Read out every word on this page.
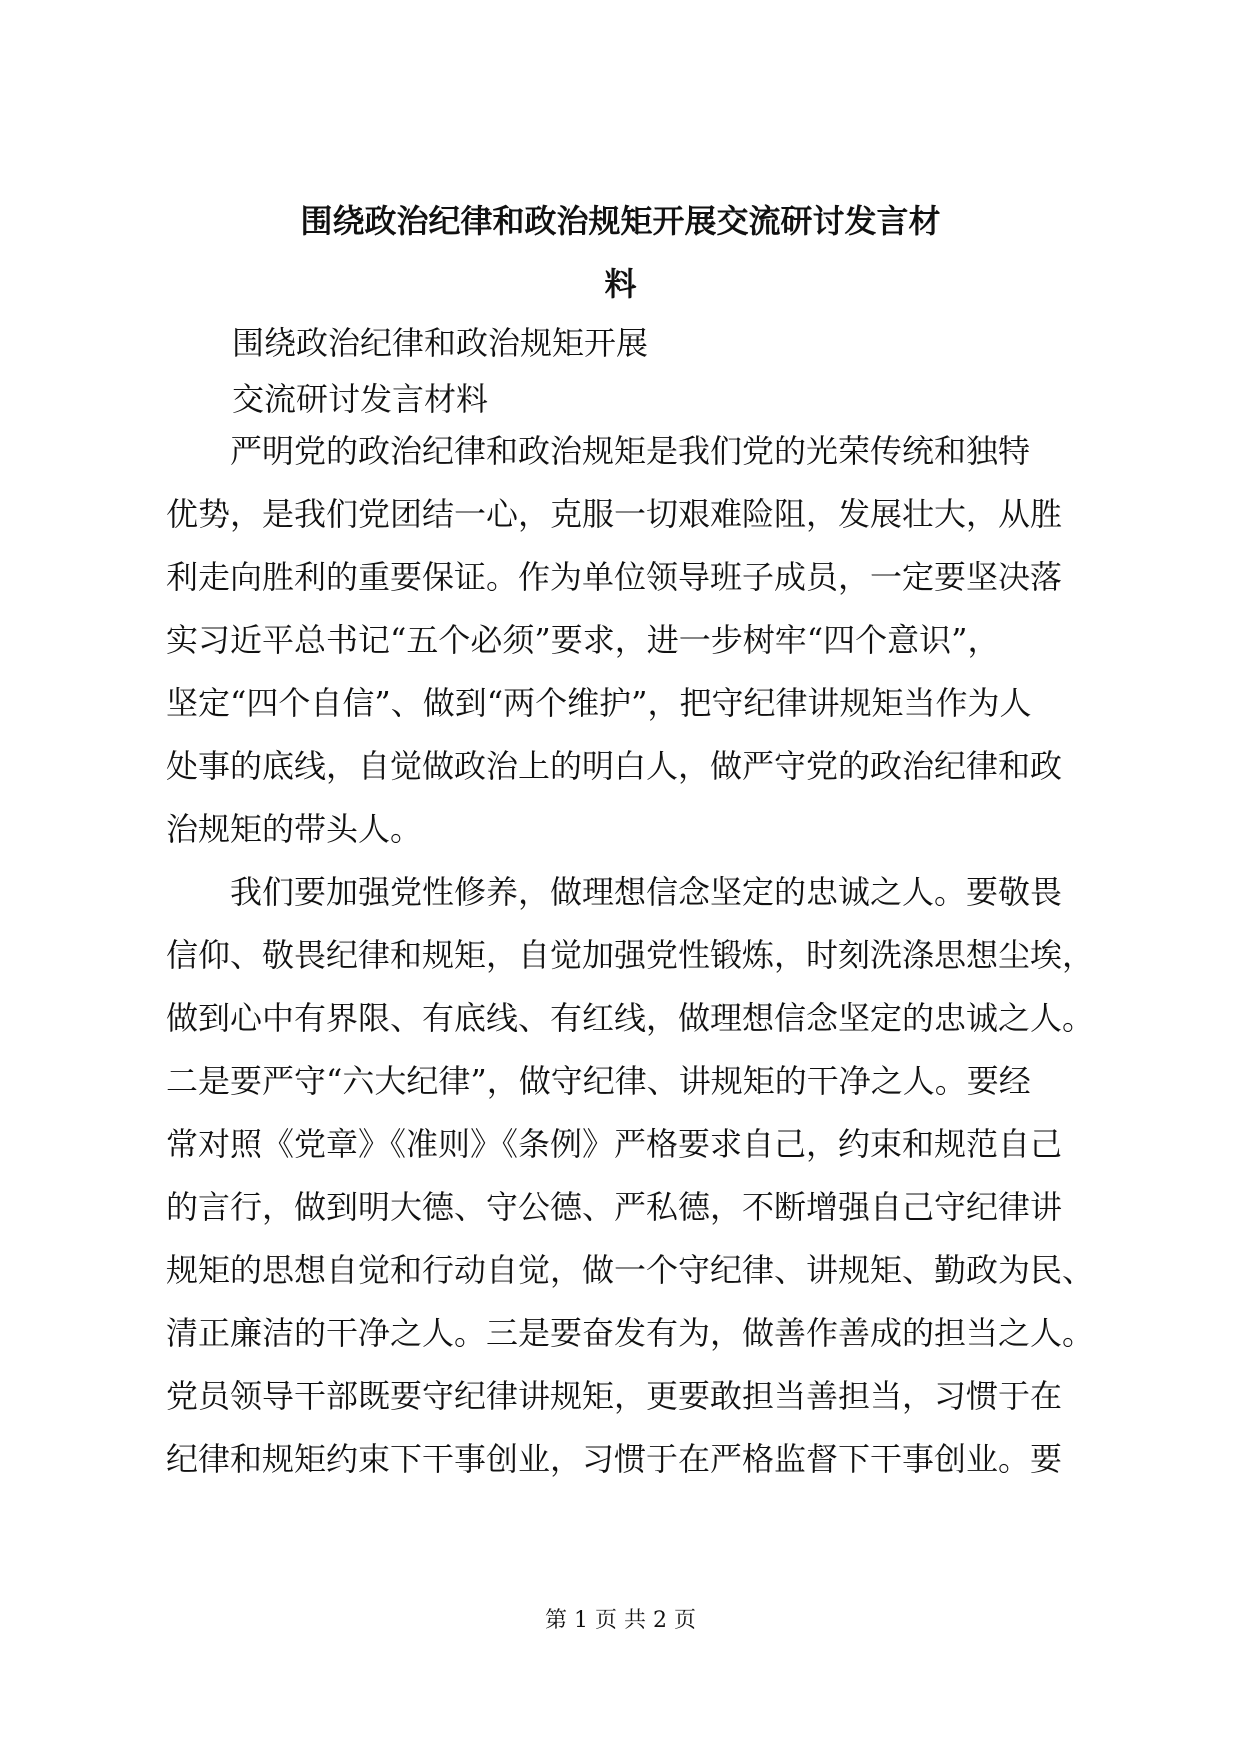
围绕政治纪律和政治规矩开展交流研讨发言材
料
围绕政治纪律和政治规矩开展
交流研讨发言材料
　　严明党的政治纪律和政治规矩是我们党的光荣传统和独特
优势，是我们党团结一心，克服一切艰难险阻，发展壮大，从胜
利走向胜利的重要保证。作为单位领导班子成员，一定要坚决落
实习近平总书记“五个必须”要求，进一步树牢“四个意识”，
坚定“四个自信”、做到“两个维护”，把守纪律讲规矩当作为人
处事的底线，自觉做政治上的明白人，做严守党的政治纪律和政
治规矩的带头人。
　　我们要加强党性修养，做理想信念坚定的忠诚之人。要敬畏
信仰、敬畏纪律和规矩，自觉加强党性锻炼，时刻洗涤思想尘埃，
做到心中有界限、有底线、有红线，做理想信念坚定的忠诚之人。
二是要严守“六大纪律”，做守纪律、讲规矩的干净之人。要经
常对照《党章》《准则》《条例》严格要求自己，约束和规范自己
的言行，做到明大德、守公德、严私德，不断增强自己守纪律讲
规矩的思想自觉和行动自觉，做一个守纪律、讲规矩、勤政为民、
清正廉洁的干净之人。三是要奋发有为，做善作善成的担当之人。
党员领导干部既要守纪律讲规矩，更要敢担当善担当，习惯于在
纪律和规矩约束下干事创业，习惯于在严格监督下干事创业。要
第 1 页 共 2 页
